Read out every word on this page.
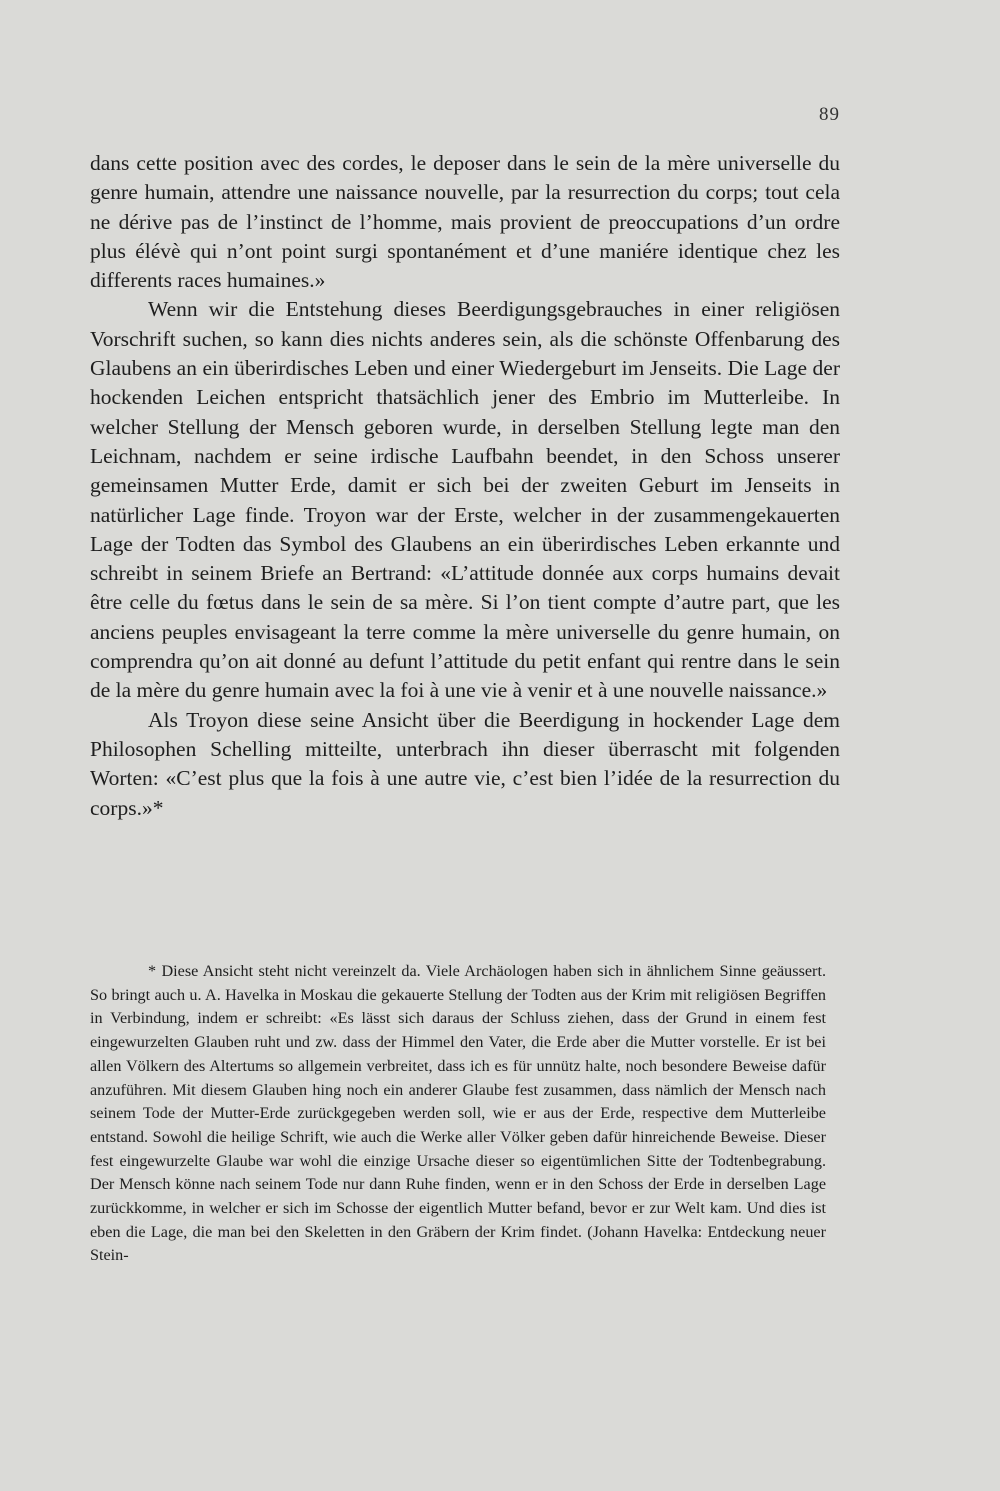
89

dans cette position avec des cordes, le deposer dans le sein de la mère universelle du genre humain, attendre une naissance nouvelle, par la resurrection du corps; tout cela ne dérive pas de l’instinct de l’homme, mais provient de preoccupations d’un ordre plus élévè qui n’ont point surgi spontanément et d’une maniére identique chez les differents races humaines.»

Wenn wir die Entstehung dieses Beerdigungsgebrauches in einer religiösen Vorschrift suchen, so kann dies nichts anderes sein, als die schönste Offenbarung des Glaubens an ein überirdisches Leben und einer Wiedergeburt im Jenseits. Die Lage der hockenden Leichen entspricht thatsächlich jener des Embrio im Mutterleibe. In welcher Stellung der Mensch geboren wurde, in derselben Stellung legte man den Leichnam, nachdem er seine irdische Laufbahn beendet, in den Schoss unserer gemeinsamen Mutter Erde, damit er sich bei der zweiten Geburt im Jenseits in natürlicher Lage finde. Troyon war der Erste, welcher in der zusammengekauerten Lage der Todten das Symbol des Glaubens an ein überirdisches Leben erkannte und schreibt in seinem Briefe an Bertrand: «L’attitude donnée aux corps humains devait être celle du fœtus dans le sein de sa mère. Si l’on tient compte d’autre part, que les anciens peuples envisageant la terre comme la mère universelle du genre humain, on comprendra qu’on ait donné au defunt l’attitude du petit enfant qui rentre dans le sein de la mère du genre humain avec la foi à une vie à venir et à une nouvelle naissance.»

Als Troyon diese seine Ansicht über die Beerdigung in hockender Lage dem Philosophen Schelling mitteilte, unterbrach ihn dieser überrascht mit folgenden Worten: «C’est plus que la fois à une autre vie, c’est bien l’idée de la resurrection du corps.»*

* Diese Ansicht steht nicht vereinzelt da. Viele Archäologen haben sich in ähnlichem Sinne geäussert. So bringt auch u. A. Havelka in Moskau die gekauerte Stellung der Todten aus der Krim mit religiösen Begriffen in Verbindung, indem er schreibt: «Es lässt sich daraus der Schluss ziehen, dass der Grund in einem fest eingewurzelten Glauben ruht und zw. dass der Himmel den Vater, die Erde aber die Mutter vorstelle. Er ist bei allen Völkern des Altertums so allgemein verbreitet, dass ich es für unnütz halte, noch besondere Beweise dafür anzuführen. Mit diesem Glauben hing noch ein anderer Glaube fest zusammen, dass nämlich der Mensch nach seinem Tode der Mutter-Erde zurückgegeben werden soll, wie er aus der Erde, respective dem Mutterleibe entstand. Sowohl die heilige Schrift, wie auch die Werke aller Völker geben dafür hinreichende Beweise. Dieser fest eingewurzelte Glaube war wohl die einzige Ursache dieser so eigentümlichen Sitte der Todtenbegrabung. Der Mensch könne nach seinem Tode nur dann Ruhe finden, wenn er in den Schoss der Erde in derselben Lage zurückkomme, in welcher er sich im Schosse der eigentlich Mutter befand, bevor er zur Welt kam. Und dies ist eben die Lage, die man bei den Skeletten in den Gräbern der Krim findet. (Johann Havelka: Entdeckung neuer Stein-
